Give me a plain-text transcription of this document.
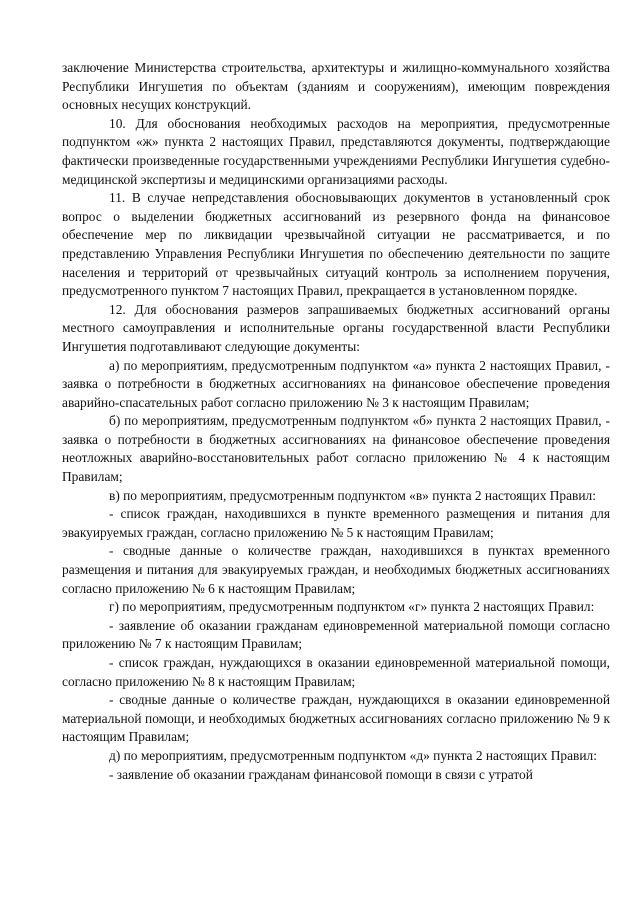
заключение Министерства строительства, архитектуры и жилищно-коммунального хозяйства Республики Ингушетия по объектам (зданиям и сооружениям), имеющим повреждения основных несущих конструкций.

10. Для обоснования необходимых расходов на мероприятия, предусмотренные подпунктом «ж» пункта 2 настоящих Правил, представляются документы, подтверждающие фактически произведенные государственными учреждениями Республики Ингушетия судебно-медицинской экспертизы и медицинскими организациями расходы.

11. В случае непредставления обосновывающих документов в установленный срок вопрос о выделении бюджетных ассигнований из резервного фонда на финансовое обеспечение мер по ликвидации чрезвычайной ситуации не рассматривается, и по представлению Управления Республики Ингушетия по обеспечению деятельности по защите населения и территорий от чрезвычайных ситуаций контроль за исполнением поручения, предусмотренного пунктом 7 настоящих Правил, прекращается в установленном порядке.

12. Для обоснования размеров запрашиваемых бюджетных ассигнований органы местного самоуправления и исполнительные органы государственной власти Республики Ингушетия подготавливают следующие документы:

а) по мероприятиям, предусмотренным подпунктом «а» пункта 2 настоящих Правил, - заявка о потребности в бюджетных ассигнованиях на финансовое обеспечение проведения аварийно-спасательных работ согласно приложению № 3 к настоящим Правилам;

б) по мероприятиям, предусмотренным подпунктом «б» пункта 2 настоящих Правил, - заявка о потребности в бюджетных ассигнованиях на финансовое обеспечение проведения неотложных аварийно-восстановительных работ согласно приложению № 4 к настоящим Правилам;

в) по мероприятиям, предусмотренным подпунктом «в» пункта 2 настоящих Правил:

- список граждан, находившихся в пункте временного размещения и питания для эвакуируемых граждан, согласно приложению № 5 к настоящим Правилам;

- сводные данные о количестве граждан, находившихся в пунктах временного размещения и питания для эвакуируемых граждан, и необходимых бюджетных ассигнованиях согласно приложению № 6 к настоящим Правилам;

г) по мероприятиям, предусмотренным подпунктом «г» пункта 2 настоящих Правил:

- заявление об оказании гражданам единовременной материальной помощи согласно приложению № 7 к настоящим Правилам;

- список граждан, нуждающихся в оказании единовременной материальной помощи, согласно приложению № 8 к настоящим Правилам;

- сводные данные о количестве граждан, нуждающихся в оказании единовременной материальной помощи, и необходимых бюджетных ассигнованиях согласно приложению № 9 к настоящим Правилам;

д) по мероприятиям, предусмотренным подпунктом «д» пункта 2 настоящих Правил:

- заявление об оказании гражданам финансовой помощи в связи с утратой
